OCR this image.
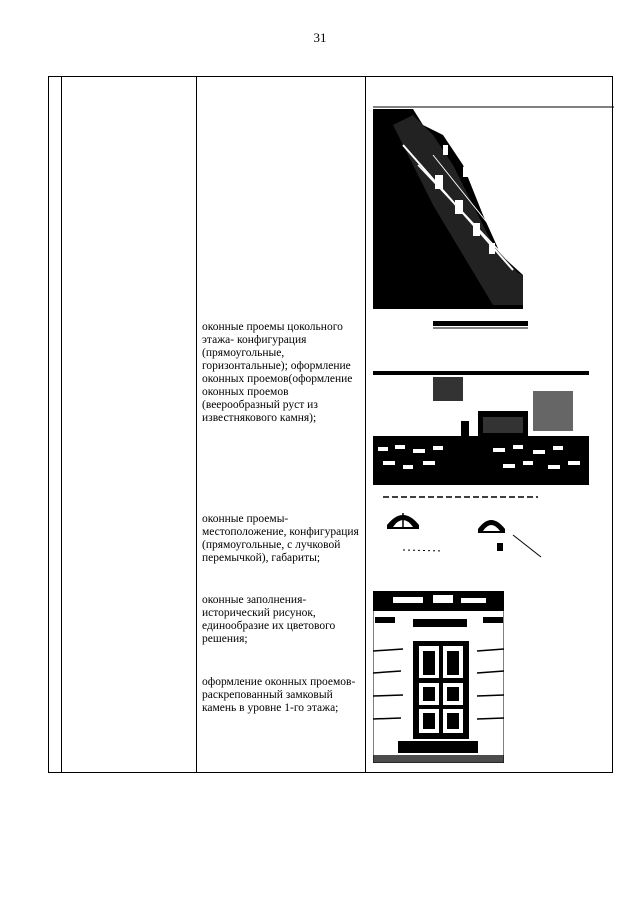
31
оконные проемы цокольного этажа- конфигурация (прямоугольные, горизонтальные); оформление оконных проемов(оформление оконных проемов (веерообразный руст из известнякового камня);
оконные проемы- местоположение, конфигурация (прямоугольные, с лучковой перемычкой), габариты;
оконные заполнения- исторический рисунок, единообразие их цветового решения;
оформление оконных проемов- раскрепованный замковый камень в уровне 1-го этажа;
